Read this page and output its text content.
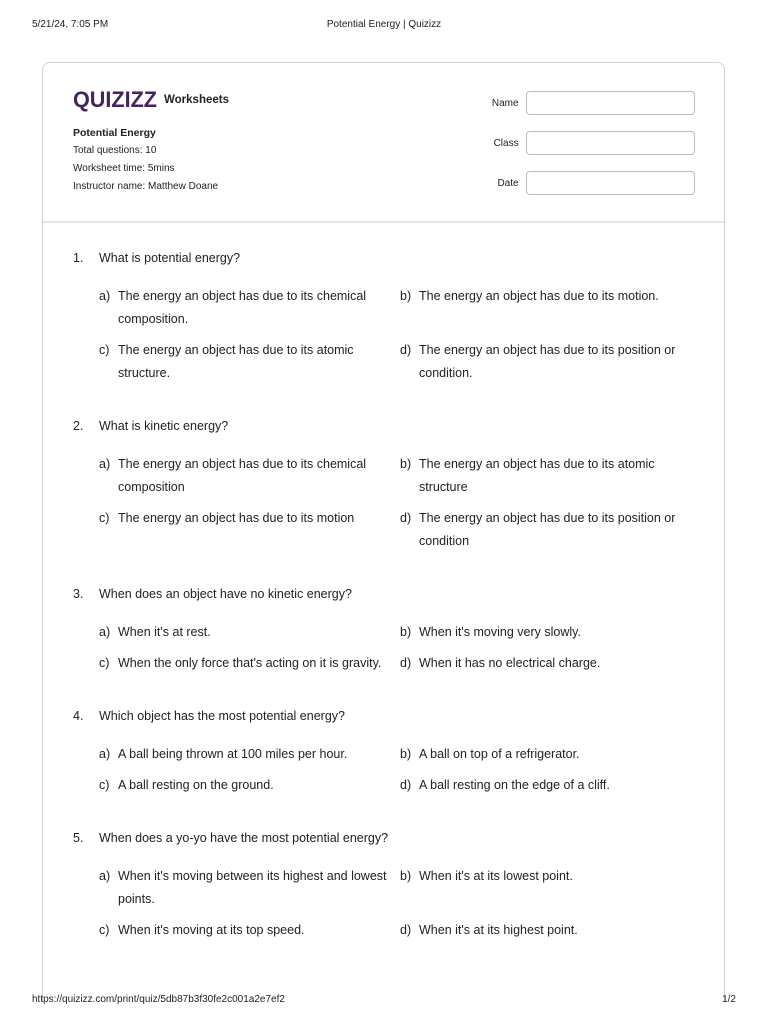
5/21/24, 7:05 PM	Potential Energy | Quizizz
QUIZIZZ Worksheets
Potential Energy
Total questions: 10
Worksheet time: 5mins
Instructor name: Matthew Doane
Name
Class
Date
1.	What is potential energy?
a) The energy an object has due to its chemical composition.
b) The energy an object has due to its motion.
c) The energy an object has due to its atomic structure.
d) The energy an object has due to its position or condition.
2.	What is kinetic energy?
a) The energy an object has due to its chemical composition
b) The energy an object has due to its atomic structure
c) The energy an object has due to its motion	d) The energy an object has due to its position or condition
3.	When does an object have no kinetic energy?
a) When it's at rest.	b) When it's moving very slowly.
c) When the only force that's acting on it is gravity.	d) When it has no electrical charge.
4.	Which object has the most potential energy?
a) A ball being thrown at 100 miles per hour.	b) A ball on top of a refrigerator.
c) A ball resting on the ground.	d) A ball resting on the edge of a cliff.
5.	When does a yo-yo have the most potential energy?
a) When it's moving between its highest and lowest points.
b) When it's at its lowest point.
c) When it's moving at its top speed.	d) When it's at its highest point.
https://quizizz.com/print/quiz/5db87b3f30fe2c001a2e7ef2	1/2
